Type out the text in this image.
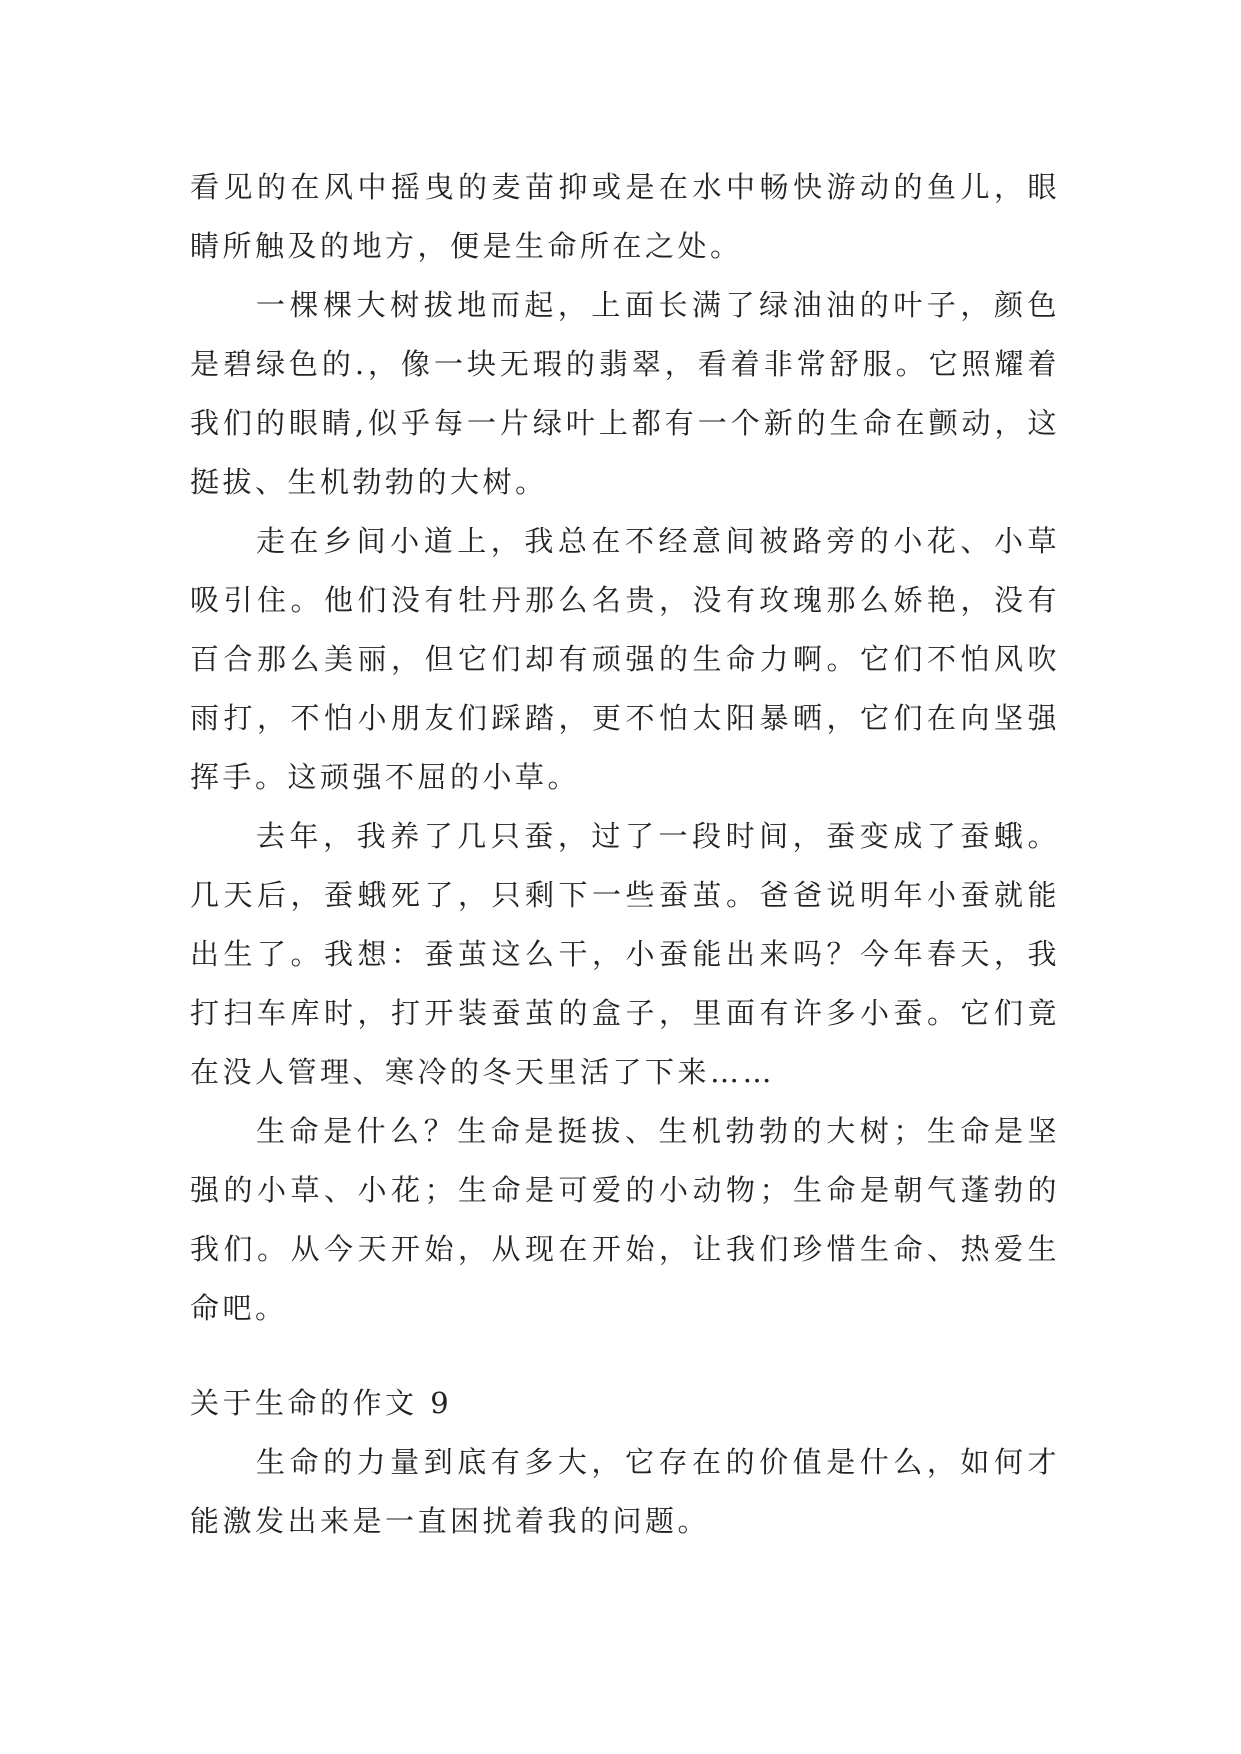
看见的在风中摇曳的麦苗抑或是在水中畅快游动的鱼儿，眼睛所触及的地方，便是生命所在之处。

一棵棵大树拔地而起，上面长满了绿油油的叶子，颜色是碧绿色的.，像一块无瑕的翡翠，看着非常舒服。它照耀着我们的眼睛,似乎每一片绿叶上都有一个新的生命在颤动，这挺拔、生机勃勃的大树。

走在乡间小道上，我总在不经意间被路旁的小花、小草吸引住。他们没有牡丹那么名贵，没有玫瑰那么娇艳，没有百合那么美丽，但它们却有顽强的生命力啊。它们不怕风吹雨打，不怕小朋友们踩踏，更不怕太阳暴晒，它们在向坚强挥手。这顽强不屈的小草。

去年，我养了几只蚕，过了一段时间，蚕变成了蚕蛾。几天后，蚕蛾死了，只剩下一些蚕茧。爸爸说明年小蚕就能出生了。我想：蚕茧这么干，小蚕能出来吗？今年春天，我打扫车库时，打开装蚕茧的盒子，里面有许多小蚕。它们竟在没人管理、寒冷的冬天里活了下来……

生命是什么？生命是挺拔、生机勃勃的大树；生命是坚强的小草、小花；生命是可爱的小动物；生命是朝气蓬勃的我们。从今天开始，从现在开始，让我们珍惜生命、热爱生命吧。

关于生命的作文 9

生命的力量到底有多大，它存在的价值是什么，如何才能激发出来是一直困扰着我的问题。
